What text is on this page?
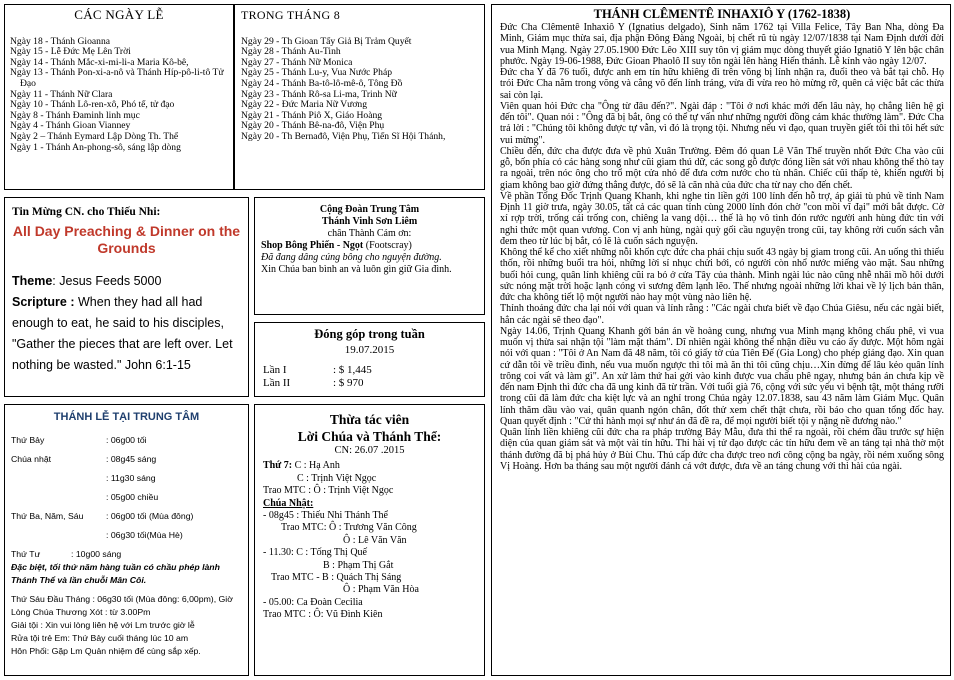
CÁC NGÀY LỄ
Ngày 18 - Thánh Gioanna
Ngày 15 - Lễ Đức Mẹ Lên Trời
Ngày 14 - Thánh Mắc-xi-mi-li-a Maria Kô-bê,
Ngày 13 - Thánh Pon-xi-a-nô và Thánh Híp-pô-li-tô Tử Đạo
Ngày 11 - Thánh Nữ Clara
Ngày 10 - Thánh Lô-ren-xô, Phó tế, tử đạo
Ngày 8 - Thánh Đaminh linh mục
Ngày 4 - Thánh Gioan Vianney
Ngày 2 – Thánh Eymard Lập Dòng Th. Thể
Ngày 1 - Thánh An-phong-sô, sáng lập dòng
TRONG THÁNG 8
Ngày 29 - Th Gioan Tẩy Giả Bị Trảm Quyết
Ngày 28 - Thánh Au-Tinh
Ngày 27 - Thánh Nữ Monica
Ngày 25 - Thánh Lu-y, Vua Nước Pháp
Ngày 24 - Thánh Ba-tô-lô-mê-ô, Tông Đồ
Ngày 23 - Thánh Rô-sa Li-ma, Trinh Nữ
Ngày 22 - Đức Maria Nữ Vương
Ngày 21 - Thánh Piô X, Giáo Hoàng
Ngày 20 - Thánh Bê-na-đô, Viện Phụ
Ngày 20 - Th Bernađô, Viện Phụ, Tiến Sĩ Hội Thánh,
Tin Mừng CN. cho Thiếu Nhi:
All Day Preaching & Dinner on the Grounds
Theme: Jesus Feeds 5000
Scripture : When they had all had enough to eat, he said to his disciples, "Gather the pieces that are left over. Let nothing be wasted." John 6:1-15
Cộng Đoàn Trung Tâm
Thánh Vinh Sơn Liêm
chân Thành Cám ơn:
Shop Bông Phiến - Ngọt (Footscray)
Đã đang dâng cúng bông cho nguyện đường.
Xin Chúa ban bình an và luôn gìn giữ Gia đình.
Đóng góp trong tuần
19.07.2015
Lần I	: $ 1,445
Lần II	: $ 970
THÁNH LỄ TẠI TRUNG TÂM
Thứ Bảy	: 06g00 tối
Chúa nhật	: 08g45 sáng
: 11g30 sáng
: 05g00 chiều
Thứ Ba, Năm, Sáu	: 06g00 tối (Mùa đông)
: 06g30 tối(Mùa Hè)
Thứ Tư	: 10g00 sáng
Đặc biệt, tối thứ năm hàng tuần có chầu phép lành Thánh Thể và lần chuỗi Mân Côi.
Thứ Sáu Đầu Tháng : 06g30 tối (Mùa đông: 6,00pm), Giờ Lòng Chúa Thương Xót : từ 3.00Pm
Giải tội : Xin vui lòng liên hệ với Lm trước giờ lễ
Rửa tội trẻ Em: Thứ Bảy cuối tháng lúc 10 am
Hôn Phối: Gặp Lm Quản nhiệm để cùng sắp xếp.
Thừa tác viên
Lời Chúa và Thánh Thể:
CN: 26.07 .2015
Thứ 7: C : Hạ Anh
C : Trịnh Việt Ngọc
Trao MTC : Ô : Trịnh Việt Ngọc
Chúa Nhật:
- 08g45 : Thiếu Nhi Thánh Thể
Trao MTC: Ô : Trương Văn Công
Ô : Lê Văn Văn
- 11.30: C : Tống Thị Quế
B : Phạm Thị Gắt
Trao MTC - B : Quách Thị Sáng
Ô : Phạm Văn Hòa
- 05.00: Ca Đoàn Cecilia
Trao MTC : Ô: Vũ Đình Kiên
THÁNH CLÊMENTÊ INHAXIÔ Y (1762-1838)

Đức Cha Clêmentê Inhaxiô Y (Ignatius delgado), Sinh năm 1762 tại Villa Felice, Tây Ban Nha, dòng Đa Minh, Giám mục thừa sai, địa phận Đông Đàng Ngoài, bị chết rũ tù ngày 12/07/1838 tại Nam Định dưới đời vua Minh Mạng. Ngày 27.05.1900 Đức Lêo XIII suy tôn vị giám mục dòng thuyết giáo Ignatiô Y lên bậc chân phước. Ngày 19-06-1988, Đức Gioan Phaolô II suy tôn ngài lên hàng Hiển thánh. Lễ kính vào ngày 12/07.

Đức cha Y đã 76 tuổi, được anh em tín hữu khiêng đi trên võng bị lính nhận ra, đuổi theo và bắt tại chỗ. Họ trói Đức Cha nằm trong võng và cẳng võ đến lính tráng, vừa đi vừa reo hò mừng rỡ, quên cả việc bắt các thừa sai còn lại.

Viên quan hỏi Đức cha "Ông từ đâu đến?". Ngài đáp : "Tôi ở nơi khác mới đến lâu này, họ chẳng liên hệ gì đến tôi". Quan nói : "Ông đã bị bắt, ông có thể tự vấn như những người đồng cảm khác thường làm". Đức Cha trả lời : "Chúng tôi không được tự vẫn, vì đó là trọng tội. Nhưng nếu vì đạo, quan truyền giết tôi thì tôi hết sức vui mừng".

Chiều đến, đức cha được đưa về phủ Xuân Trường. Đêm đó quan Lê Văn Thế truyền nhốt Đức Cha vào cũi gỗ, bốn phía có các hàng song như cũi giam thú dữ, các song gỗ được đóng liền sát với nhau không thể thò tay ra ngoài, trên nóc ông cho trổ một cửa nhỏ để đưa cơm nước cho tù nhân. Chiếc cũi thấp tè, khiến người bị giam không bao giờ đứng thẳng được, đó sẽ là căn nhà của đức cha từ nay cho đến chết.

Về phần Tổng Đốc Trịnh Quang Khanh, khi nghe tin liền gởi 100 lính đến hỗ trợ, áp giải tù phủ về tỉnh Nam Định 11 giờ trưa, ngày 30.05, tất cả các quan tỉnh cùng 2000 lính đón chờ "con mồi vĩ đại" mới bắt được. Cờ xí rợp trời, trống cái trống con, chiêng la vang dội… thế là họ vô tình đón rước người anh hùng đức tin với nghi thức một quan vương. Con vị anh hùng, ngài quỳ gối cầu nguyện trong cũi, tay không rời cuốn sách vẫn đem theo từ lúc bị bắt, có lẽ là cuốn sách nguyện.

Không thể kể cho xiết những nỗi khốn cực đức cha phải chịu suốt 43 ngày bị giam trong cũi. An uống thì thiếu thốn, rồi những buổi tra hỏi, những lời sỉ nhục chửi bới, có người còn nhổ nước miếng vào mặt. Sau những buổi hỏi cung, quân lính khiêng cũi ra bỏ ở cửa Tây của thành. Mình ngài lúc nào cũng nhễ nhãi mồ hôi dưới sức nóng mặt trời hoặc lạnh cóng vì sương đêm lạnh lẽo. Thế nhưng ngoài những lời khai về lý lịch bản thân, đức cha không tiết lộ một người nào hay một vùng nào liên hệ.

Thỉnh thoảng đức cha lại nói với quan và lính rằng : "Các ngài chưa biết về đạo Chúa Giêsu, nếu các ngài biết, hẳn các ngài sẽ theo đạo".

Ngày 14.06, Trịnh Quang Khanh gởi bản án về hoàng cung, nhưng vua Minh mạng không chấu phê, vì vua muốn vị thừa sai nhận tội "làm mặt thám". Dĩ nhiên ngài không thể nhận điều vu cáo ấy được. Một hôm ngài nói với quan : "Tôi ở An Nam đã 48 năm, tôi có giấy tờ của Tiên Đế (Gia Long) cho phép giảng đạo. Xin quan cứ dẫn tôi về triều đình, nếu vua muốn ngược thì tôi mà ăn thì tôi cũng chịu…Xin đừng để lâu kẻo quân lính trông coi vất và làm gì". An xử làm thứ hai gởi vào kinh được vua chấu phê ngay, nhưng bản án chưa kịp về đến nam Định thì đức cha đã ung kinh đã từ trần. Với tuổi già 76, cộng với sức yếu vì bệnh tật, một tháng rưỡi trong cũi đã làm đức cha kiệt lực và an nghỉ trong Chúa ngày 12.07.1838, sau 43 năm làm Giám Mục. Quân lính thăm dầu vào vai, quân quanh ngón chân, đốt thử xem chết thật chưa, rồi báo cho quan tổng đốc hay. Quan quyết định : "Cứ thi hành mọi sự như án đã đề ra, để mọi người biết tội y nặng nề đương nào."

Quân lính liền khiêng cũi đức cha ra pháp trường Bảy Mẫu, đưa thi thể ra ngoài, rồi chém đầu trước sự hiện diện của quan giám sát và một vài tín hữu. Thi hài vị tử đạo được các tín hữu đem về an táng tại nhà thờ một thánh đường đã bị phá hủy ở Bùi Chu. Thủ cấp đức cha được treo nơi công cộng ba ngày, rồi ném xuống sông Vị Hoàng. Hơn ba tháng sau một người đánh cá vớt được, đưa về an táng chung với thi hài của ngài.
